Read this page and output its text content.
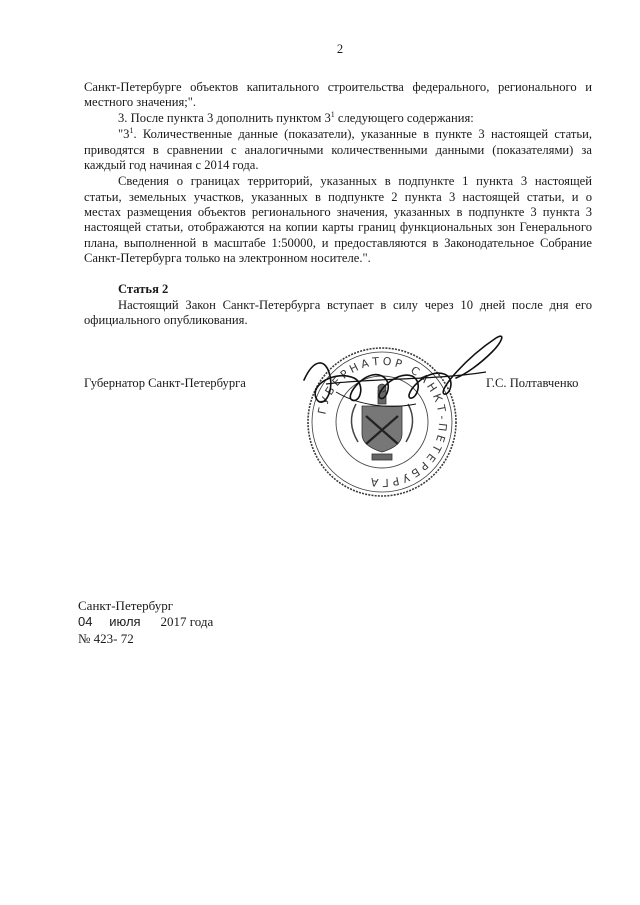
2
Санкт-Петербурге объектов капитального строительства федерального, регионального и
местного значения;".
3. После пункта 3 дополнить пунктом $3^1$ следующего содержания:
"$3^1$. Количественные данные (показатели), указанные в пункте 3 настоящей статьи,
приводятся в сравнении с аналогичными количественными данными (показателями) за
каждый год начиная с 2014 года.
Сведения о границах территорий, указанных в подпункте 1 пункта 3 настоящей
статьи, земельных участков, указанных в подпункте 2 пункта 3 настоящей статьи, и о
местах размещения объектов регионального значения, указанных в подпункте 3 пункта 3
настоящей статьи, отображаются на копии карты границ функциональных зон Генерального
плана, выполненной в масштабе 1:50000, и предоставляются в Законодательное Собрание
Санкт-Петербурга только на электронном носителе.".
Статья 2
Настоящий Закон Санкт-Петербурга вступает в силу через 10 дней после дня его
официального опубликования.
ГУБЕРНАТОР САНКТ-ПЕТЕРБУРГА
Губернатор Санкт-Петербурга	Г.С. Полтавченко
Санкт-Петербург
04 июля 2017 года
№ 423- 72
